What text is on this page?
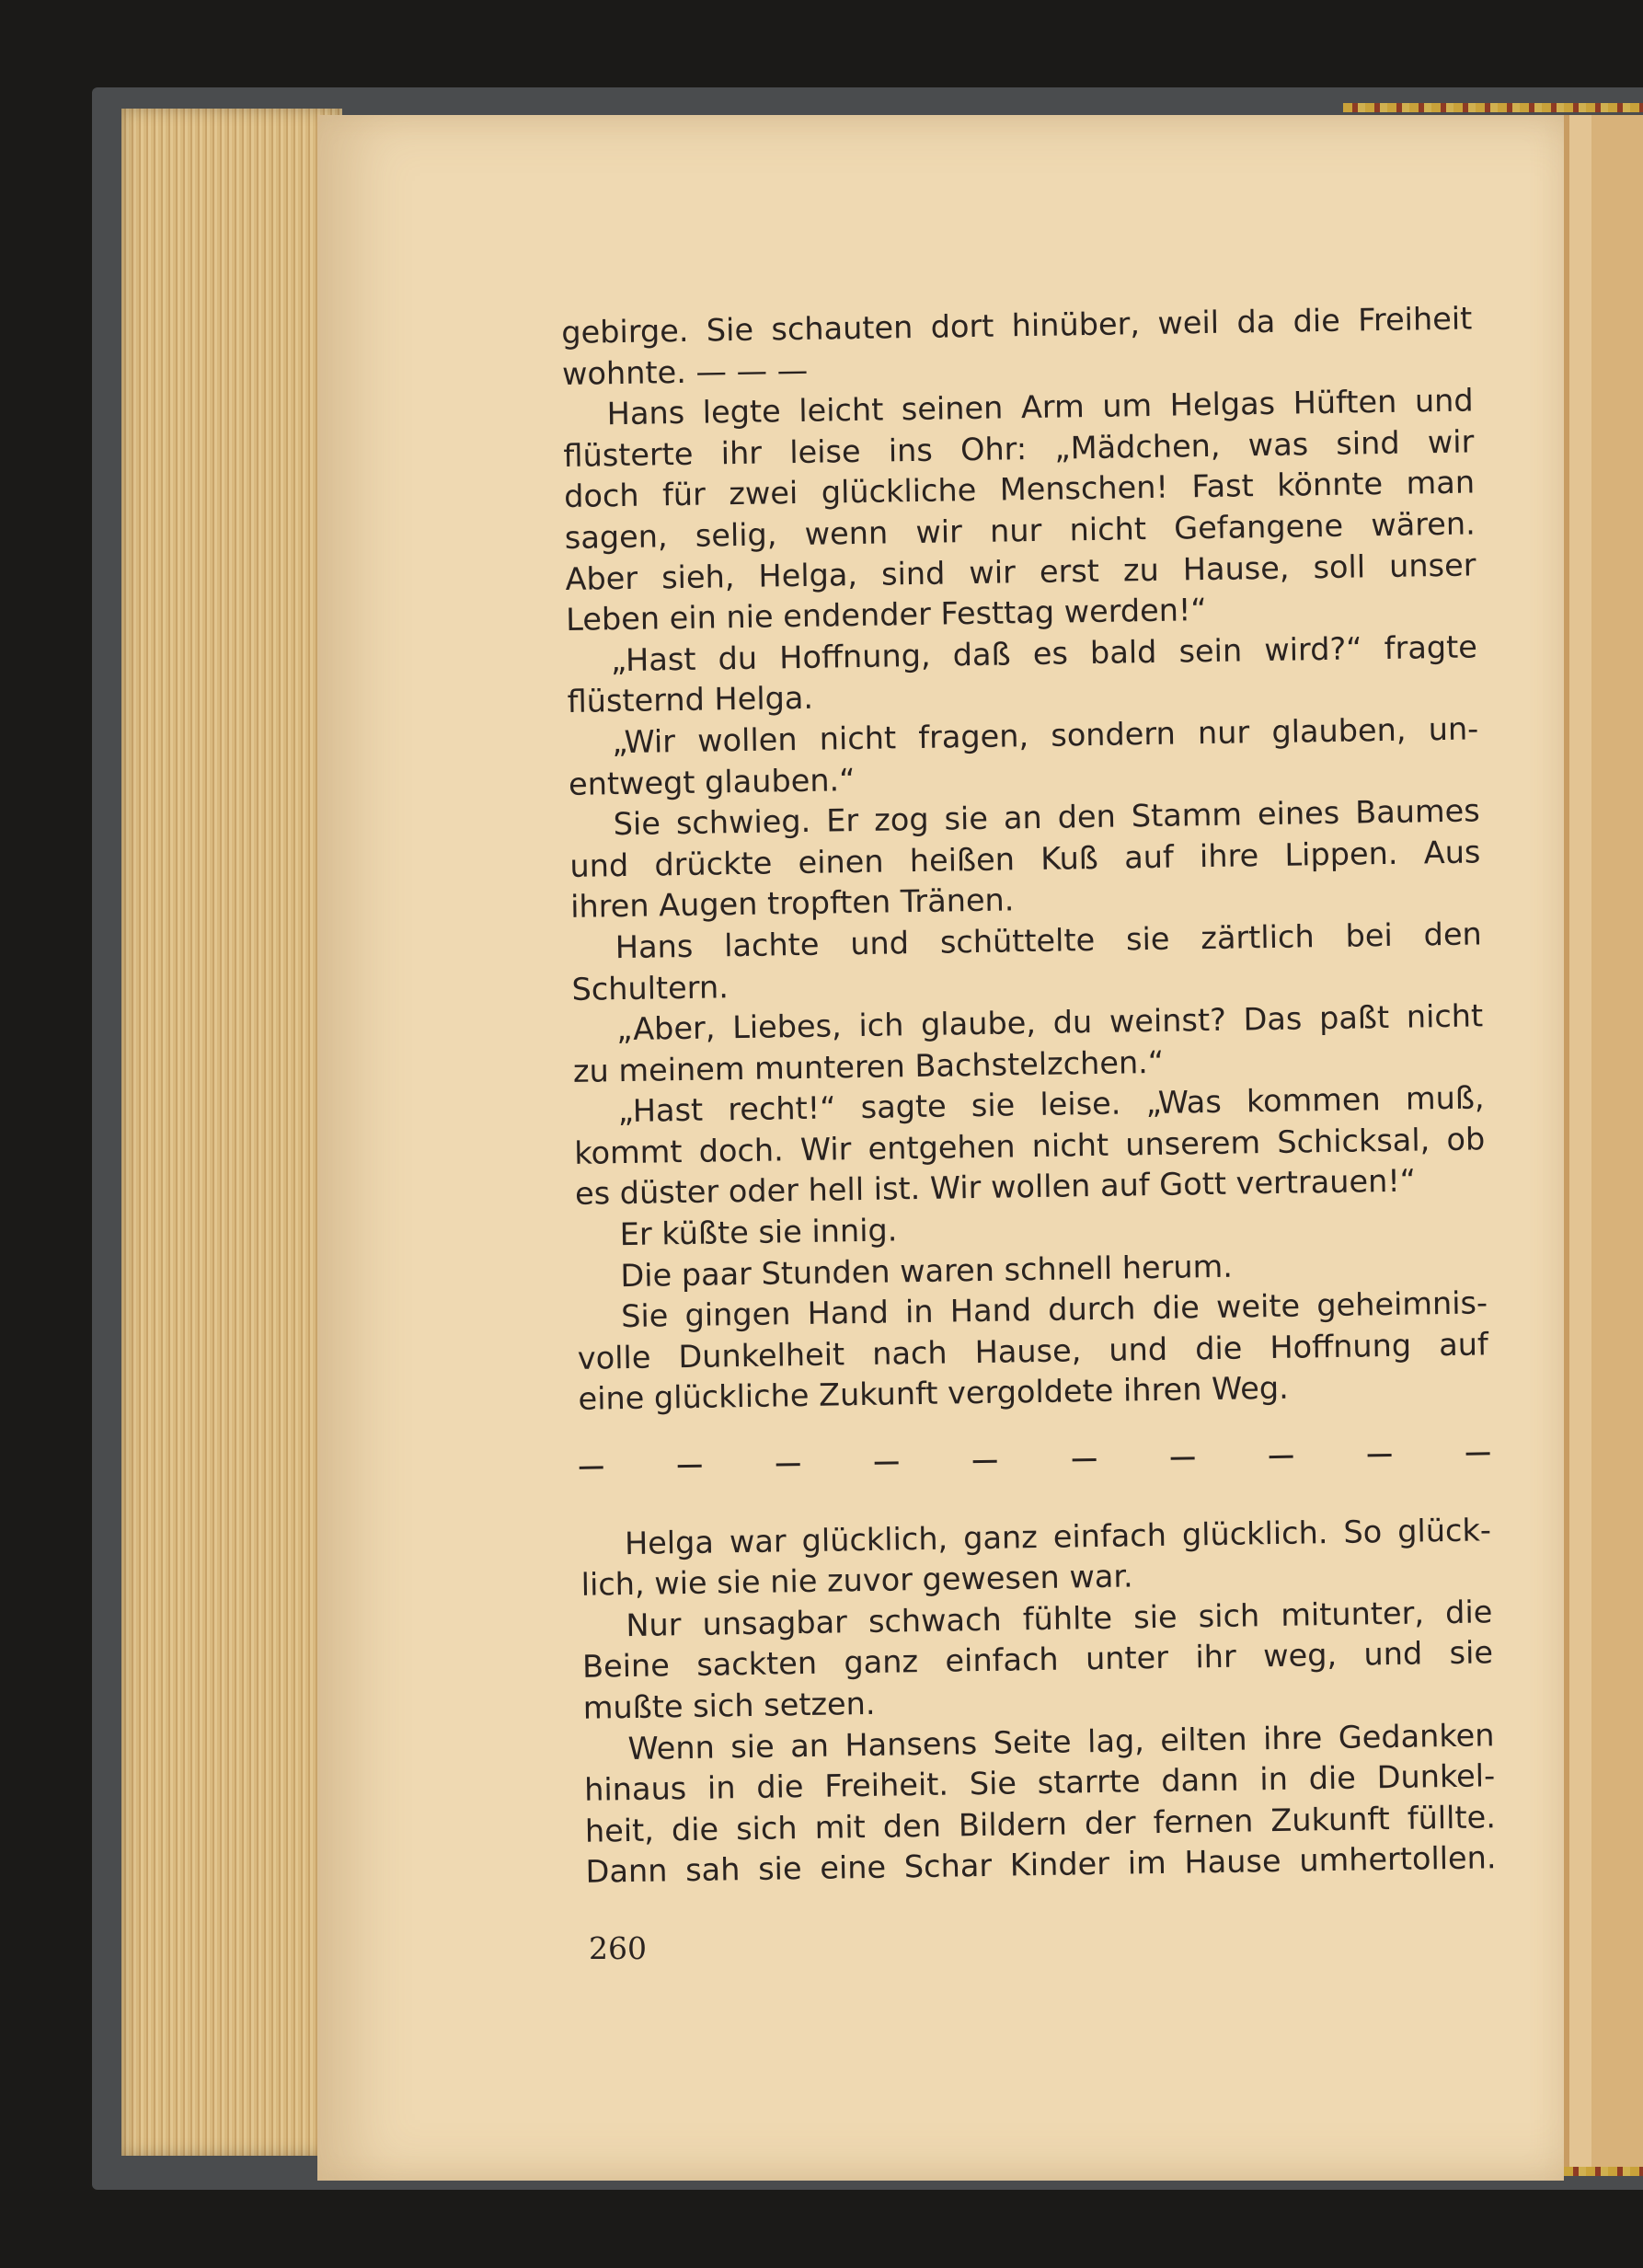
gebirge. Sie schauten dort hinüber, weil da die Freiheit
wohnte. — — —
Hans legte leicht seinen Arm um Helgas Hüften und
flüsterte ihr leise ins Ohr: „Mädchen, was sind wir
doch für zwei glückliche Menschen! Fast könnte man
sagen, selig, wenn wir nur nicht Gefangene wären.
Aber sieh, Helga, sind wir erst zu Hause, soll unser
Leben ein nie endender Festtag werden!“
„Hast du Hoffnung, daß es bald sein wird?“ fragte
flüsternd Helga.
„Wir wollen nicht fragen, sondern nur glauben, un-
entwegt glauben.“
Sie schwieg. Er zog sie an den Stamm eines Baumes
und drückte einen heißen Kuß auf ihre Lippen. Aus
ihren Augen tropften Tränen.
Hans lachte und schüttelte sie zärtlich bei den
Schultern.
„Aber, Liebes, ich glaube, du weinst? Das paßt nicht
zu meinem munteren Bachstelzchen.“
„Hast recht!“ sagte sie leise. „Was kommen muß,
kommt doch. Wir entgehen nicht unserem Schicksal, ob
es düster oder hell ist. Wir wollen auf Gott vertrauen!“
Er küßte sie innig.
Die paar Stunden waren schnell herum.
Sie gingen Hand in Hand durch die weite geheimnis-
volle Dunkelheit nach Hause, und die Hoffnung auf
eine glückliche Zukunft vergoldete ihren Weg.
Helga war glücklich, ganz einfach glücklich. So glück-
lich, wie sie nie zuvor gewesen war.
Nur unsagbar schwach fühlte sie sich mitunter, die
Beine sackten ganz einfach unter ihr weg, und sie
mußte sich setzen.
Wenn sie an Hansens Seite lag, eilten ihre Gedanken
hinaus in die Freiheit. Sie starrte dann in die Dunkel-
heit, die sich mit den Bildern der fernen Zukunft füllte.
Dann sah sie eine Schar Kinder im Hause umhertollen.
260
